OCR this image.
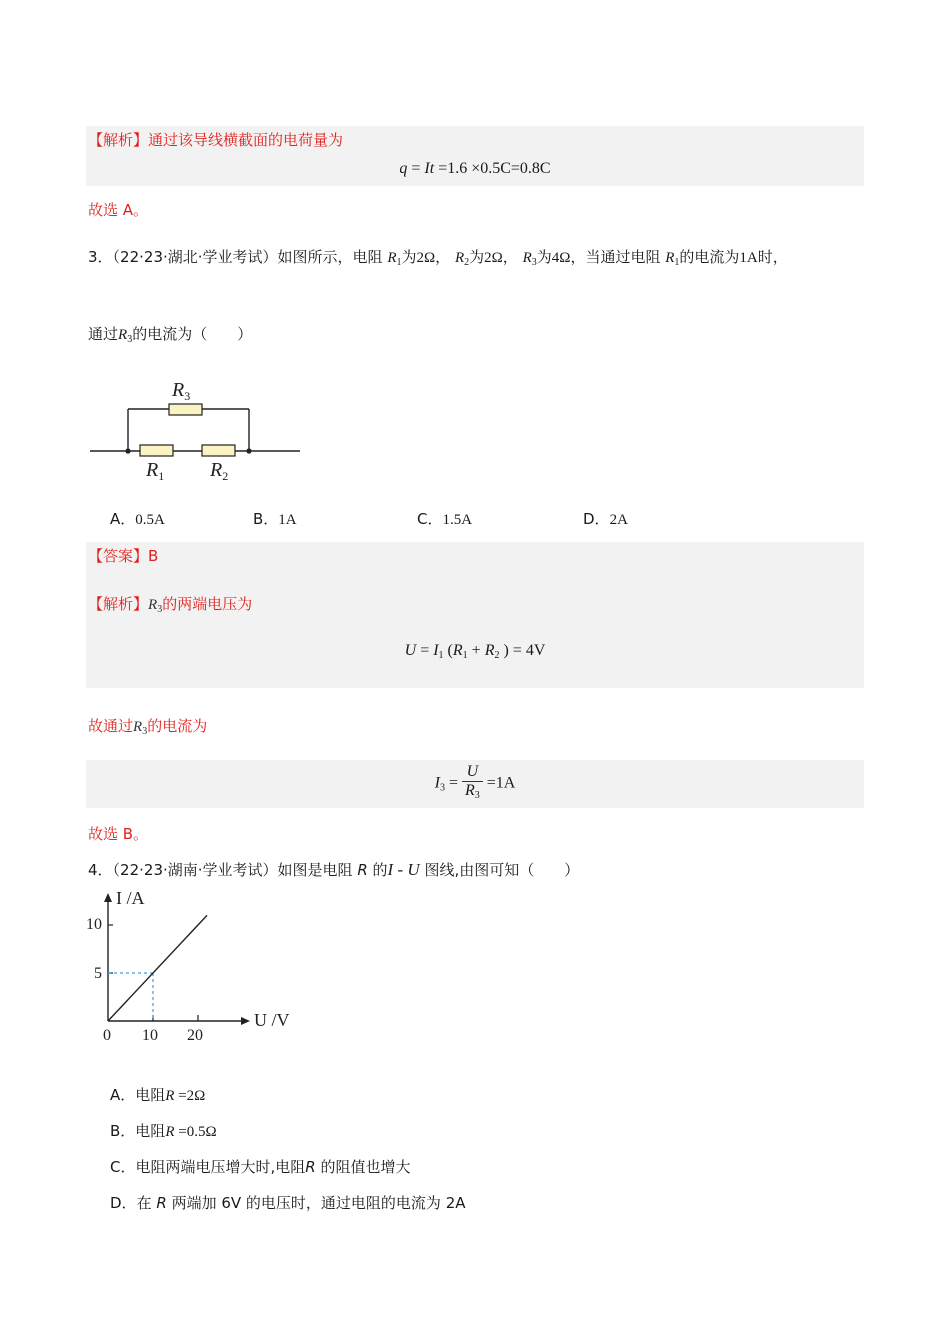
【解析】通过该导线横截面的电荷量为
q = It =1.6 ×0.5C=0.8C
故选 A。
3．（22·23·湖北·学业考试）如图所示，电阻 $R_1$为2Ω， $R_2$为2Ω， $R_3$为4Ω，当通过电阻 $R_1$的电流为1A时，
通过$R_3$的电流为（　　）
$R_3$
$R_1$ $R_2$
A．0.5A	B．1A	C．1.5A	D．2A
【答案】B
【解析】$R_3$的两端电压为
$U = I_1$ ($R_1 + R_2$ ) = 4V
故通过$R_3$的电流为
$I_3 = \frac{U}{R_3} =1A$
故选 B。
4．（22·23·湖南·学业考试）如图是电阻 R 的I - U 图线,由图可知（　　）
I /A
U /V
10
5
0 10 20
A．电阻R =2Ω
B．电阻R =0.5Ω
C．电阻两端电压增大时,电阻R 的阻值也增大
D．在 R 两端加 6V 的电压时，通过电阻的电流为 2A
